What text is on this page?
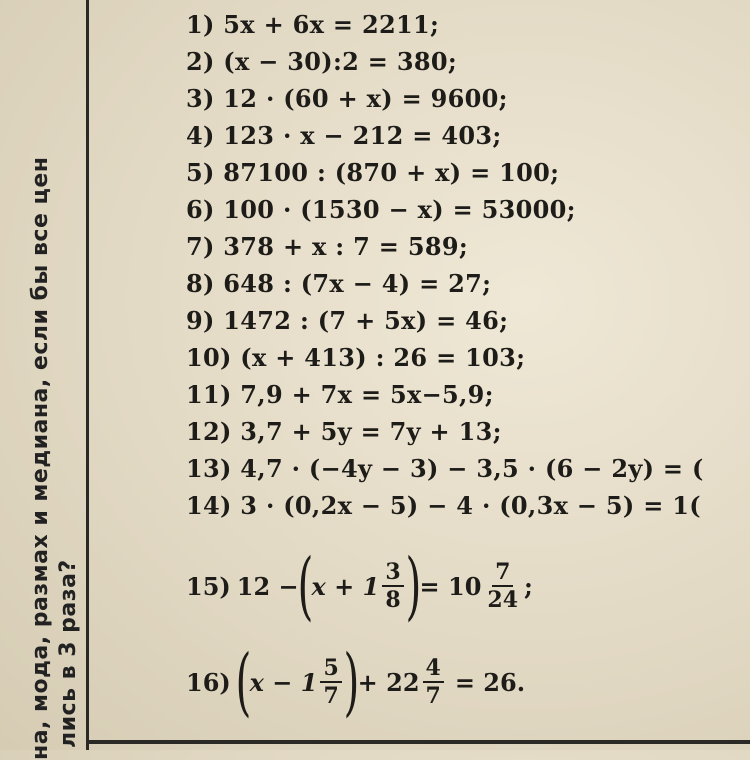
на, мода, размах и медиана, если бы все цен лись в 3 раза?
1) 5x + 6x = 2211;
2) (x − 30):2 = 380;
3) 12 · (60 + x) = 9600;
4) 123 · x − 212 = 403;
5) 87100 : (870 + x) = 100;
6) 100 · (1530 − x) = 53000;
7) 378 + x : 7 = 589;
8) 648 : (7x − 4) = 27;
9) 1472 : (7 + 5x) = 46;
10) (x + 413) : 26 = 103;
11) 7,9 + 7x = 5x−5,9;
12) 3,7 + 5y = 7y + 13;
13) 4,7 · (−4y − 3) − 3,5 · (6 − 2y) = (
14) 3 · (0,2x − 5) − 4 · (0,3x − 5) = 1(
15) 12 −
(
$x + 1 \frac{3}{8}$ )
= $10 \frac{7}{24}$ ;
16) (
$x - 1 \frac{5}{7}$ )
+ $22 \frac{4}{7} = 26$.
